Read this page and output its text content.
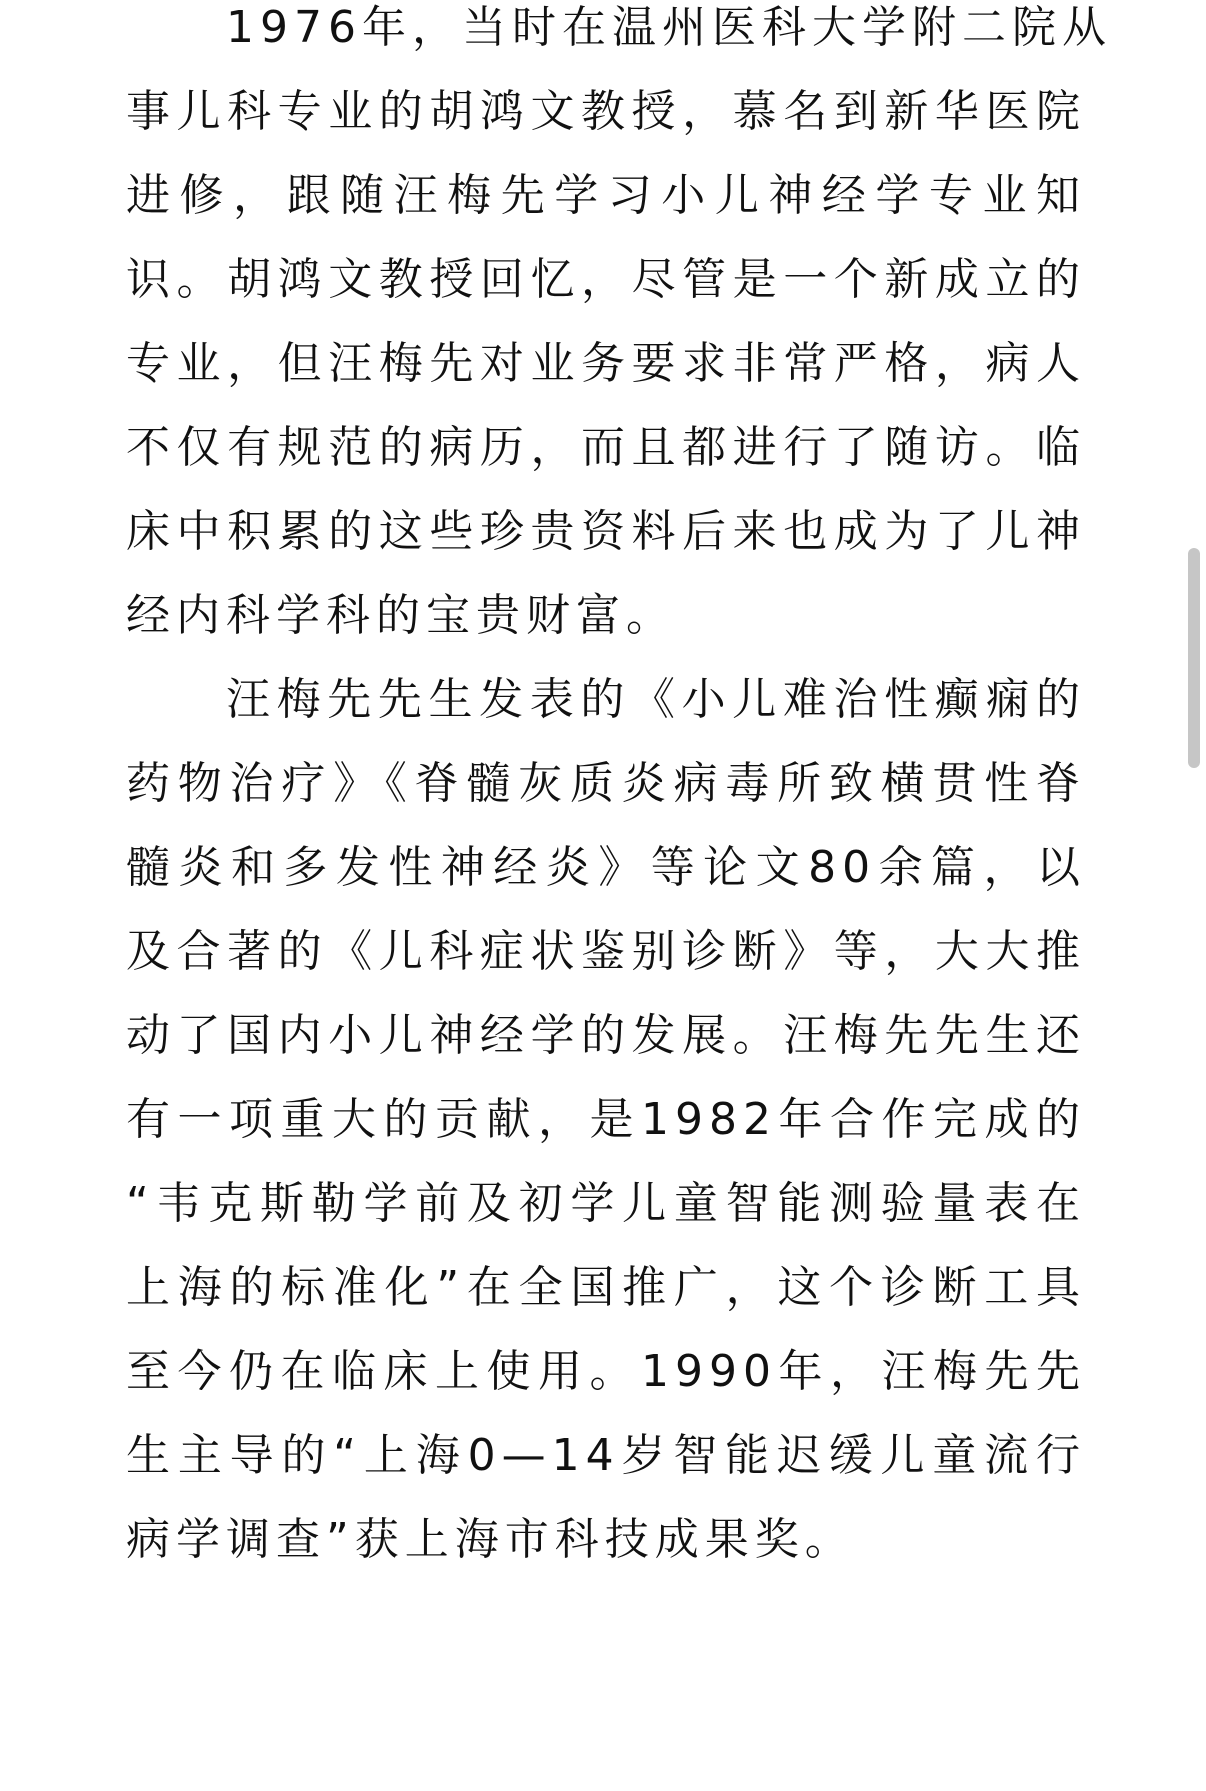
1976年，当时在温州医科大学附二院从
事儿科专业的胡鸿文教授，慕名到新华医院
进修，跟随汪梅先学习小儿神经学专业知
识。胡鸿文教授回忆，尽管是一个新成立的
专业，但汪梅先对业务要求非常严格，病人
不仅有规范的病历，而且都进行了随访。临
床中积累的这些珍贵资料后来也成为了儿神
经内科学科的宝贵财富。
汪梅先先生发表的《小儿难治性癫痫的
药物治疗》《脊髓灰质炎病毒所致横贯性脊
髓炎和多发性神经炎》等论文80余篇，以
及合著的《儿科症状鉴别诊断》等，大大推
动了国内小儿神经学的发展。汪梅先先生还
有一项重大的贡献，是1982年合作完成的
“韦克斯勒学前及初学儿童智能测验量表在
上海的标准化”在全国推广，这个诊断工具
至今仍在临床上使用。1990年，汪梅先先
生主导的“上海0—14岁智能迟缓儿童流行
病学调查”获上海市科技成果奖。
